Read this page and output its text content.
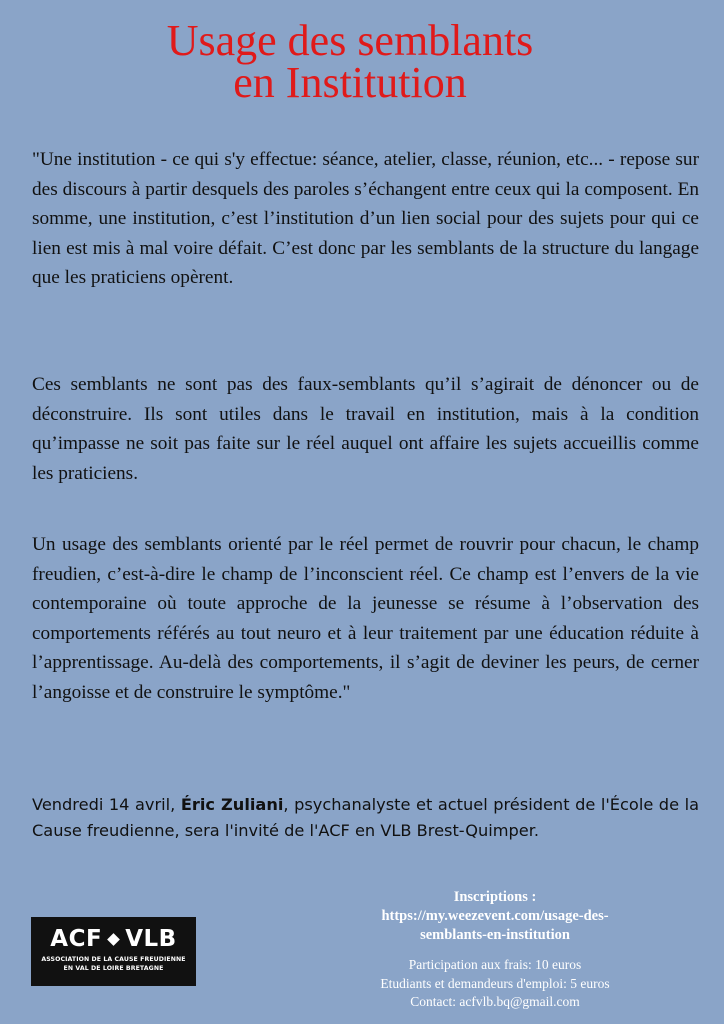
Usage des semblants
en Institution

"Une institution - ce qui s'y effectue: séance, atelier, classe, réunion, etc... - repose sur des discours à partir desquels des paroles s’échangent entre ceux qui la composent. En somme, une institution, c’est l’institution d’un lien social pour des sujets pour qui ce lien est mis à mal voire défait. C’est donc par les semblants de la structure du langage que les praticiens opèrent.

Ces semblants ne sont pas des faux-semblants qu’il s’agirait de dénoncer ou de déconstruire. Ils sont utiles dans le travail en institution, mais à la condition qu’impasse ne soit pas faite sur le réel auquel ont affaire les sujets accueillis comme les praticiens.

Un usage des semblants orienté par le réel permet de rouvrir pour chacun, le champ freudien, c’est-à-dire le champ de l’inconscient réel. Ce champ est l’envers de la vie contemporaine où toute approche de la jeunesse se résume à l’observation des comportements référés au tout neuro et à leur traitement par une éducation réduite à l’apprentissage. Au-delà des comportements, il s’agit de deviner les peurs, de cerner l’angoisse et de construire le symptôme."

Vendredi 14 avril, Éric Zuliani, psychanalyste et actuel président de l'École de la Cause freudienne, sera l'invité de l'ACF en VLB Brest-Quimper.

ACF VLB
ASSOCIATION DE LA CAUSE FREUDIENNE
EN VAL DE LOIRE BRETAGNE
Inscriptions :
https://my.weezevent.com/usage-des-
semblants-en-institution
Participation aux frais: 10 euros
Etudiants et demandeurs d'emploi: 5 euros
Contact: acfvlb.bq@gmail.com
